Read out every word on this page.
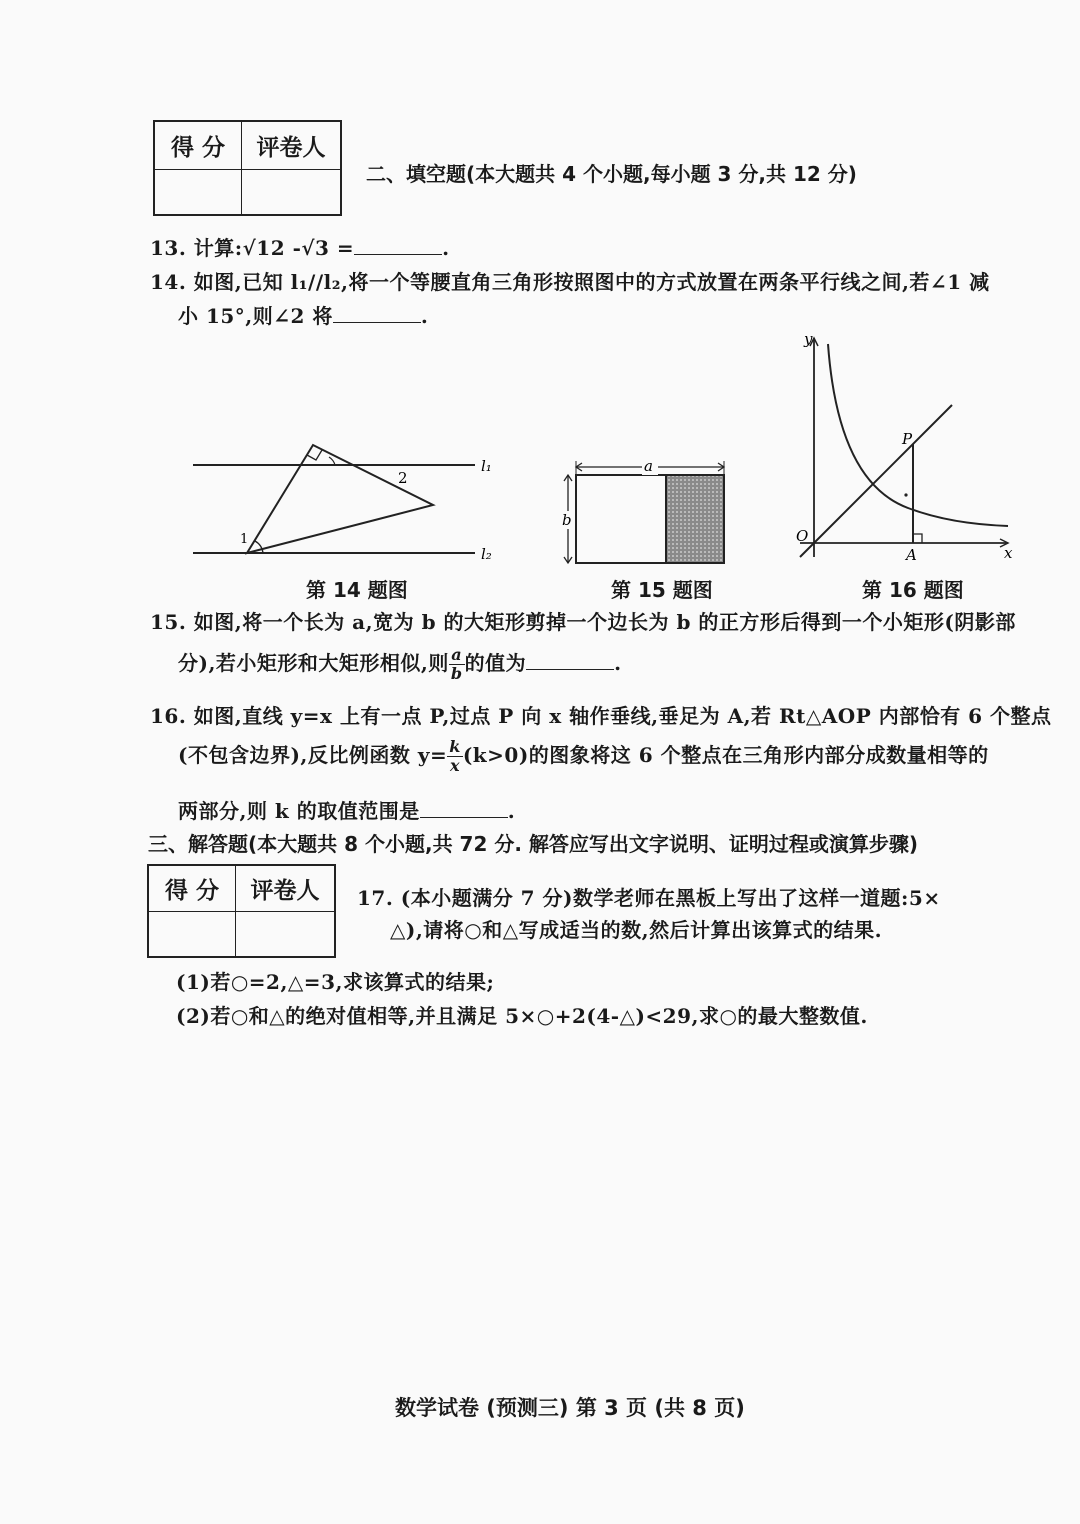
得 分	评卷人

二、填空题(本大题共 4 个小题,每小题 3 分,共 12 分)
13. 计算:√12 -√3 =	.
14. 如图,已知 l₁//l₂,将一个等腰直角三角形按照图中的方式放置在两条平行线之间,若∠1 减
小 15°,则∠2 将	.
1
2
l₁
l₂
第 14 题图
a
b
第 15 题图
y
x
O
P
A
第 16 题图
15. 如图,将一个长为 a,宽为 b 的大矩形剪掉一个边长为 b 的正方形后得到一个小矩形(阴影部
分),若小矩形和大矩形相似,则 $\frac{a}{b}$ 的值为	.
16. 如图,直线 y=x 上有一点 P,过点 P 向 x 轴作垂线,垂足为 A,若 Rt△AOP 内部恰有 6 个整点
(不包含边界),反比例函数 $y= \frac{k}{x} (k>0)$的图象将这 6 个整点在三角形内部分成数量相等的
两部分,则 k 的取值范围是	.
三、解答题(本大题共 8 个小题,共 72 分. 解答应写出文字说明、证明过程或演算步骤)
得 分	评卷人
	17. (本小题满分 7 分)数学老师在黑板上写出了这样一道题:5×
△),请将○和△写成适当的数,然后计算出该算式的结果.
(1)若○=2,△=3,求该算式的结果;
(2)若○和△的绝对值相等,并且满足 5×○+2(4-△)<29,求○的最大整数值.
数学试卷 (预测三) 第 3 页 (共 8 页)
